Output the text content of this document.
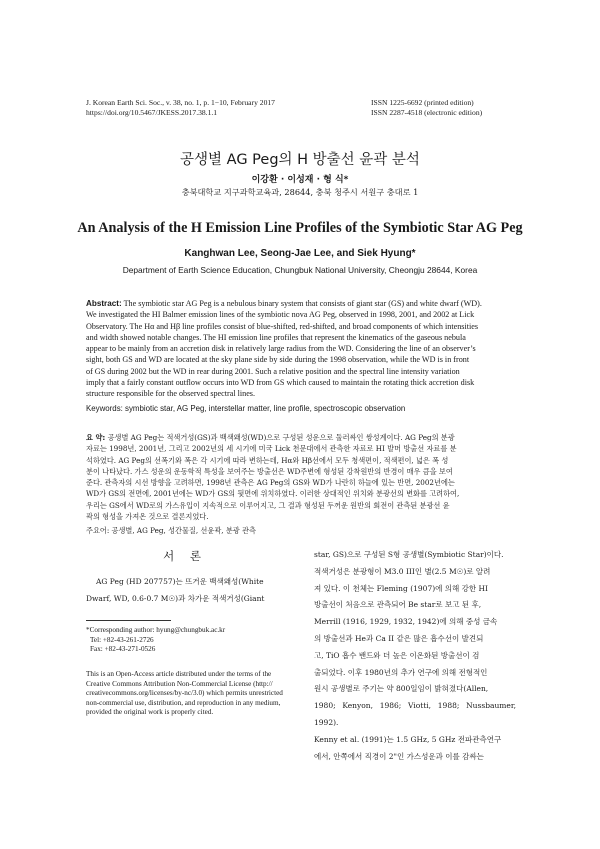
J. Korean Earth Sci. Soc., v. 38, no. 1, p. 1−10, February 2017
https://doi.org/10.5467/JKESS.2017.38.1.1
ISSN 1225-6692 (printed edition)
ISSN 2287-4518 (electronic edition)
공생별 AG Peg의 H 방출선 윤곽 분석
이강환 · 이성재 · 형 식*
충북대학교 지구과학교육과, 28644, 충북 청주시 서원구 충대로 1
An Analysis of the H Emission Line Profiles of the Symbiotic Star AG Peg
Kanghwan Lee, Seong-Jae Lee, and Siek Hyung*
Department of Earth Science Education, Chungbuk National University, Cheongju 28644, Korea
Abstract: The symbiotic star AG Peg is a nebulous binary system that consists of giant star (GS) and white dwarf (WD).
We investigated the HI Balmer emission lines of the symbiotic nova AG Peg, observed in 1998, 2001, and 2002 at Lick
Observatory. The Hα and Hβ line profiles consist of blue-shifted, red-shifted, and broad components of which intensities
and width showed notable changes. The HI emission line profiles that represent the kinematics of the gaseous nebula
appear to be mainly from an accretion disk in relatively large radius from the WD. Considering the line of an observer’s
sight, both GS and WD are located at the sky plane side by side during the 1998 observation, while the WD is in front
of GS during 2002 but the WD in rear during 2001. Such a relative position and the spectral line intensity variation
imply that a fairly constant outflow occurs into WD from GS which caused to maintain the rotating thick accretion disk
structure responsible for the observed spectral lines.
Keywords: symbiotic star, AG Peg, interstellar matter, line profile, spectroscopic observation
요 약: 공생별 AG Peg는 적색거성(GS)과 백색왜성(WD)으로 구성된 성운으로 둘러싸인 쌍성계이다. AG Peg의 분광
자료는 1998년, 2001년, 그리고 2002년의 세 시기에 미국 Lick 천문대에서 관측한 자료로 HI 발머 방출선 자료를 분
석하였다. AG Peg의 선폭기와 폭은 각 시기에 따라 변하는데, Hα와 Hβ선에서 모두 청색편이, 적색편이, 넓은 폭 성
분이 나타났다. 가스 성운의 운동학적 특성을 보여주는 방출선은 WD주변에 형성된 강착원반의 반경이 매우 큼을 보여
준다. 관측자의 시선 방향을 고려하면, 1998년 관측은 AG Peg의 GS와 WD가 나란히 하늘에 있는 반면, 2002년에는
WD가 GS의 전면에, 2001년에는 WD가 GS의 뒷면에 위치하였다. 이러한 상대적인 위치와 분광선의 변화를 고려하여,
우리는 GS에서 WD로의 가스유입이 지속적으로 이루어지고, 그 결과 형성된 두꺼운 원반의 회전이 관측된 분광선 윤
곽의 형성을 가져온 것으로 결론지었다.
주요어: 공생별, AG Peg, 성간물질, 선윤곽, 분광 관측
서 론
AG Peg (HD 207757)는 뜨거운 백색왜성(White
Dwarf, WD, 0.6-0.7 M☉)과 차가운 적색거성(Giant
*Corresponding author: hyung@chungbuk.ac.kr
Tel: +82-43-261-2726
Fax: +82-43-271-0526
This is an Open-Access article distributed under the terms of the
Creative Commons Attribution Non-Commercial License (http://
creativecommons.org/licenses/by-nc/3.0) which permits unrestricted
non-commercial use, distribution, and reproduction in any medium,
provided the original work is properly cited.
star, GS)으로 구성된 S형 공생별(Symbiotic Star)이다.
적색거성은 분광형이 M3.0 III인 별(2.5 M☉)로 알려
져 있다. 이 천체는 Fleming (1907)에 의해 강한 HI
방출선이 처음으로 관측되어 Be star로 보고 된 후,
Merrill (1916, 1929, 1932, 1942)에 의해 중성 금속
의 방출선과 He과 Ca II 같은 많은 흡수선이 발견되
고, TiO 흡수 밴드와 더 높은 이온화된 방출선이 검
출되었다. 이후 1980년의 추가 연구에 의해 전형적인
원시 공생별로 주기는 약 800일임이 밝혀졌다(Allen,
1980; Kenyon, 1986; Viotti, 1988; Nussbaumer, 1992).
Kenny et al. (1991)는 1.5 GHz, 5 GHz 전파관측연구
에서, 안쪽에서 직경이 2"인 가스성운과 이를 감싸는
